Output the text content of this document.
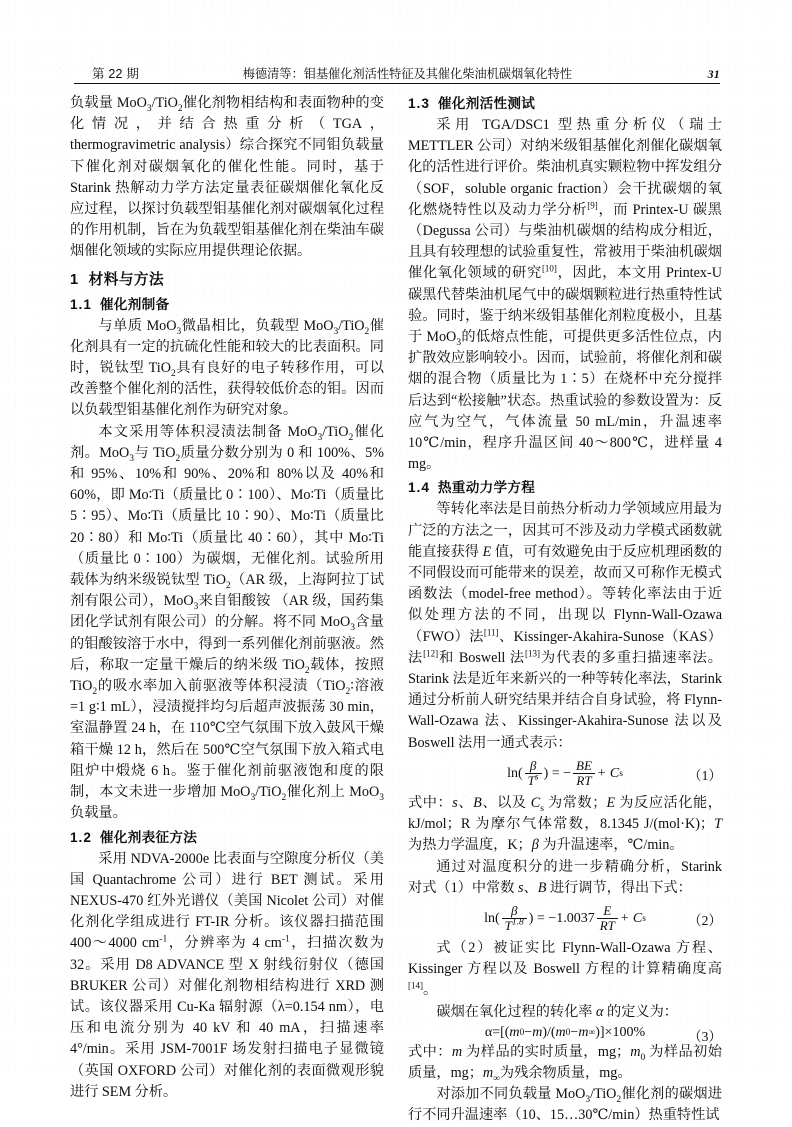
第 22 期	梅德清等：钼基催化剂活性特征及其催化柴油机碳烟氧化特性	31

负载量 MoO$_3$/TiO$_2$催化剂物相结构和表面物种的变化情况，并结合热重分析（TGA，thermogravimetric analysis）综合探究不同钼负载量下催化剂对碳烟氧化的催化性能。同时，基于 Starink 热解动力学方法定量表征碳烟催化氧化反应过程，以探讨负载型钼基催化剂对碳烟氧化过程的作用机制，旨在为负载型钼基催化剂在柴油车碳烟催化领域的实际应用提供理论依据。

1 材料与方法
1.1 催化剂制备

与单质 MoO$_3$微晶相比，负载型 MoO$_3$/TiO$_2$催化剂具有一定的抗硫化性能和较大的比表面积。同时，锐钛型 TiO$_2$具有良好的电子转移作用，可以改善整个催化剂的活性，获得较低价态的钼。因而以负载型钼基催化剂作为研究对象。

本文采用等体积浸渍法制备 MoO$_3$/TiO$_2$催化剂。MoO$_3$与 TiO$_2$质量分数分别为 0 和 100%、5% 和 95%、10%和 90%、20%和 80%以及 40%和 60%，即 Mo∶Ti（质量比 0∶100）、Mo∶Ti（质量比 5∶95）、Mo∶Ti（质量比 10∶90）、Mo∶Ti（质量比 20∶80）和 Mo∶Ti（质量比 40∶60），其中 Mo∶Ti（质量比 0∶100）为碳烟，无催化剂。试验所用载体为纳米级锐钛型 TiO$_2$（AR 级，上海阿拉丁试剂有限公司），MoO$_3$来自钼酸铵 （AR 级，国药集团化学试剂有限公司）的分解。将不同 MoO$_3$含量的钼酸铵溶于水中，得到一系列催化剂前驱液。然后，称取一定量干燥后的纳米级 TiO$_2$载体，按照 TiO$_2$的吸水率加入前驱液等体积浸渍（TiO$_2$∶溶液=1 g∶1 mL），浸渍搅拌均匀后超声波振荡 30 min，室温静置 24 h，在 110℃空气氛围下放入鼓风干燥箱干燥 12 h，然后在 500℃空气氛围下放入箱式电阻炉中煅烧 6 h。鉴于催化剂前驱液饱和度的限制，本文未进一步增加 MoO$_3$/TiO$_2$催化剂上 MoO$_3$负载量。

1.2 催化剂表征方法

采用 NDVA-2000e 比表面与空隙度分析仪（美国 Quantachrome 公司）进行 BET 测试。采用 NEXUS-470 红外光谱仪（美国 Nicolet 公司）对催化剂化学组成进行 FT-IR 分析。该仪器扫描范围 400～4000 $cm^{-1}$，分辨率为 4 $cm^{-1}$，扫描次数为 32。采用 D8 ADVANCE 型 X 射线衍射仪（德国 BRUKER 公司）对催化剂物相结构进行 XRD 测试。该仪器采用 Cu-Ka 辐射源（λ=0.154 nm），电压和电流分别为 40 kV 和 40 mA，扫描速率 4°/min。采用 JSM-7001F 场发射扫描电子显微镜（英国 OXFORD 公司）对催化剂的表面微观形貌进行 SEM 分析。

1.3 催化剂活性测试

采用 TGA/DSC1 型热重分析仪（瑞士 METTLER 公司）对纳米级钼基催化剂催化碳烟氧化的活性进行评价。柴油机真实颗粒物中挥发组分（SOF，soluble organic fraction）会干扰碳烟的氧化燃烧特性以及动力学分析[9]，而 Printex-U 碳黑（Degussa 公司）与柴油机碳烟的结构成分相近，且具有较理想的试验重复性，常被用于柴油机碳烟催化氧化领域的研究[10]，因此，本文用 Printex-U 碳黑代替柴油机尾气中的碳烟颗粒进行热重特性试验。同时，鉴于纳米级钼基催化剂粒度极小，且基于 MoO$_3$的低熔点性能，可提供更多活性位点，内扩散效应影响较小。因而，试验前，将催化剂和碳烟的混合物（质量比为 1∶5）在烧杯中充分搅拌后达到“松接触”状态。热重试验的参数设置为：反应气为空气，气体流量 50 mL/min，升温速率 10℃/min，程序升温区间 40～800℃，进样量 4 mg。

1.4 热重动力学方程

等转化率法是目前热分析动力学领域应用最为广泛的方法之一，因其可不涉及动力学模式函数就能直接获得 E 值，可有效避免由于反应机理函数的不同假设而可能带来的误差，故而又可称作无模式函数法（model-free method）。等转化率法由于近似处理方法的不同，出现以 Flynn-Wall-Ozawa（FWO）法[11]、Kissinger-Akahira-Sunose（KAS）法[12]和 Boswell 法[13]为代表的多重扫描速率法。Starink 法是近年来新兴的一种等转化率法，Starink 通过分析前人研究结果并结合自身试验，将 Flynn-Wall-Ozawa 法、Kissinger-Akahira-Sunose 法以及 Boswell 法用一通式表示：

$\ln( \frac{\beta}{T^s}$ ) = − $\frac{BE}{RT} + C$ s	（1）

式中：s、B、以及 $C_s$ 为常数；E 为反应活化能，kJ/mol；R 为摩尔气体常数，8.1345 J/(mol·K)；T 为热力学温度，K；β 为升温速率，℃/min。

通过对温度积分的进一步精确分析，Starink 对式（1）中常数 s、B 进行调节，得出下式：

$\ln( \frac{\beta}{T^{1.8}}$ ) = $-1.0037 \frac{E}{RT} + C$ s	（2）

式（2）被证实比 Flynn-Wall-Ozawa 方程、Kissinger 方程以及 Boswell 方程的计算精确度高[14]。

碳烟在氧化过程的转化率 α 的定义为：

α=[( m 0 − m )/( m 0 − m ∞ )]×100%	（3）

式中：m 为样品的实时质量，mg；$m_0$ 为样品初始质量，mg；$m_\infty$为残余物质量，mg。

对添加不同负载量 MoO$_3$/TiO$_2$催化剂的碳烟进行不同升温速率（10、15…30℃/min）热重特性试
